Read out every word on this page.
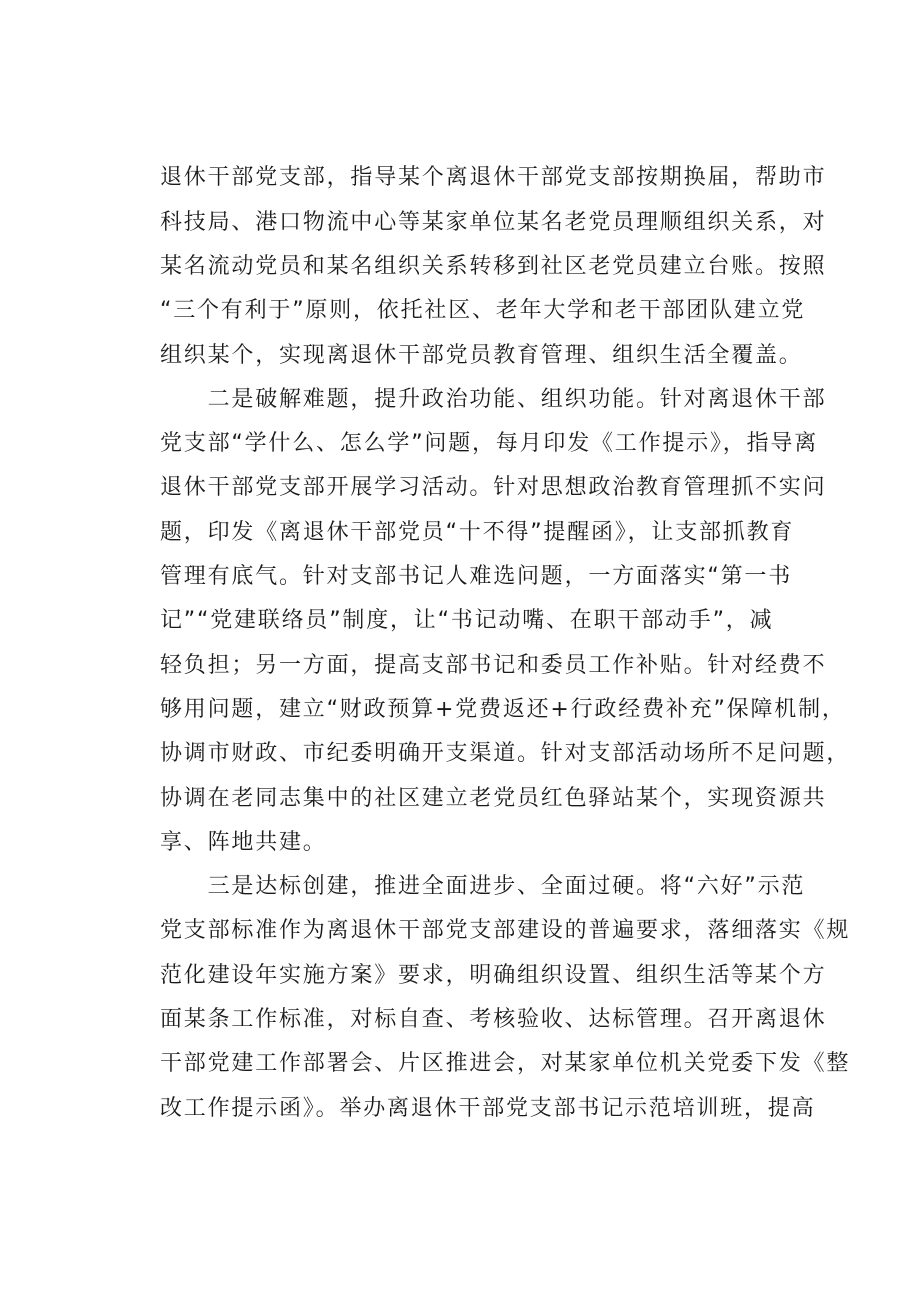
退休干部党支部，指导某个离退休干部党支部按期换届，帮助市
科技局、港口物流中心等某家单位某名老党员理顺组织关系，对
某名流动党员和某名组织关系转移到社区老党员建立台账。按照
“三个有利于”原则，依托社区、老年大学和老干部团队建立党
组织某个，实现离退休干部党员教育管理、组织生活全覆盖。
　　二是破解难题，提升政治功能、组织功能。针对离退休干部
党支部“学什么、怎么学”问题，每月印发《工作提示》，指导离
退休干部党支部开展学习活动。针对思想政治教育管理抓不实问
题，印发《离退休干部党员“十不得”提醒函》，让支部抓教育
管理有底气。针对支部书记人难选问题，一方面落实“第一书
记”“党建联络员”制度，让“书记动嘴、在职干部动手”，减
轻负担；另一方面，提高支部书记和委员工作补贴。针对经费不
够用问题，建立“财政预算+党费返还+行政经费补充”保障机制，
协调市财政、市纪委明确开支渠道。针对支部活动场所不足问题，
协调在老同志集中的社区建立老党员红色驿站某个，实现资源共
享、阵地共建。
　　三是达标创建，推进全面进步、全面过硬。将“六好”示范
党支部标准作为离退休干部党支部建设的普遍要求，落细落实《规
范化建设年实施方案》要求，明确组织设置、组织生活等某个方
面某条工作标准，对标自查、考核验收、达标管理。召开离退休
干部党建工作部署会、片区推进会，对某家单位机关党委下发《整
改工作提示函》。举办离退休干部党支部书记示范培训班，提高
